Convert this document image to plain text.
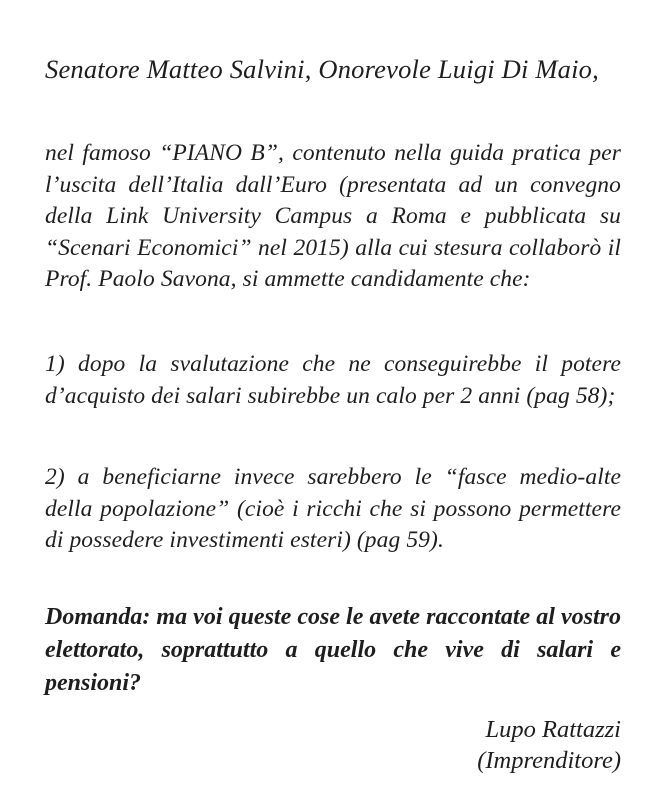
Senatore Matteo Salvini, Onorevole Luigi Di Maio,

nel famoso “PIANO B”, contenuto nella guida pratica per l’uscita dell’Italia dall’Euro (presentata ad un convegno della Link University Campus a Roma e pubblicata su “Scenari Economici” nel 2015) alla cui stesura collaborò il Prof. Paolo Savona, si ammette candidamente che:

1) dopo la svalutazione che ne conseguirebbe il potere d’acquisto dei salari subirebbe un calo per 2 anni (pag 58);

2) a beneficiarne invece sarebbero le “fasce medio-alte della popolazione” (cioè i ricchi che si possono permettere di possedere investimenti esteri) (pag 59).

Domanda: ma voi queste cose le avete raccontate al vostro elettorato, soprattutto a quello che vive di salari e pensioni?

Lupo Rattazzi
(Imprenditore)
